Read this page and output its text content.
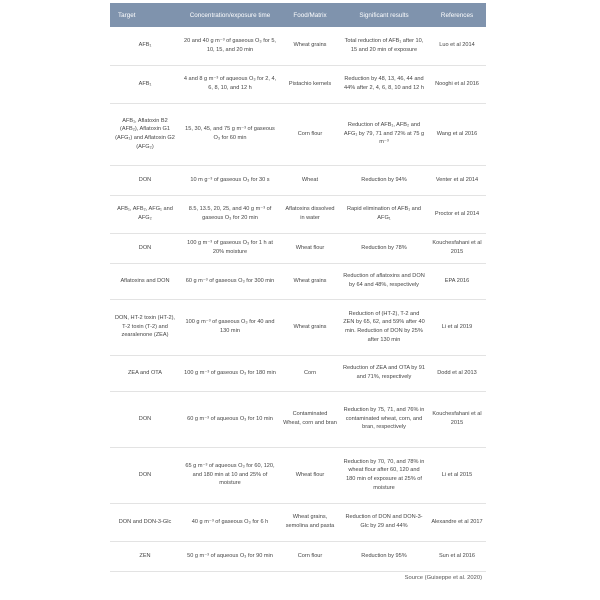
Target	Concentration/exposure time	Food/Matrix	Significant results	References
AFB₁	20 and 40 g m⁻³ of gaseous O₃ for 5, 10, 15, and 20 min	Wheat grains	Total reduction of AFB₁ after 10, 15 and 20 min of exposure	Luo et al 2014
AFB₁	4 and 8 g m⁻³ of aqueous O₃ for 2, 4, 6, 8, 10, and 12 h	Pistachio kernels	Reduction by 48, 13, 46, 44 and 44% after 2, 4, 6, 8, 10 and 12 h	Nooghi et al 2016
AFB₁, Aflatoxin B2 (AFB₂), Aflatoxin G1 (AFG₁) and Aflatoxin G2 (AFG₂)	15, 30, 45, and 75 g m⁻³ of gaseous O₃ for 60 min	Corn flour	Reduction of AFB₁, AFB₂ and AFG₁ by 79, 71 and 72% at 75 g m⁻³	Wang et al 2016
DON	10 m g⁻³ of gaseous O₃ for 30 s	Wheat	Reduction by 94%	Venter et al 2014
AFB₁, AFB₂, AFG₁ and AFG₂	8.5, 13.5, 20, 25, and 40 g m⁻³ of gaseous O₃ for 20 min	Aflatoxins dissolved in water	Rapid elimination of AFB₁ and AFG₁	Proctor et al 2014
DON	100 g m⁻³ of gaseous O₃ for 1 h at 20% moisture	Wheat flour	Reduction by 78%	Kouchesfahani et al 2015
Aflatoxins and DON	60 g m⁻³ of gaseous O₃ for 300 min	Wheat grains	Reduction of aflatoxins and DON by 64 and 48%, respectively	EPA 2016
DON, HT-2 toxin (HT-2), T-2 toxin (T-2) and zearalenone (ZEA)	100 g m⁻³ of gaseous O₃ for 40 and 130 min	Wheat grains	Reduction of (HT-2), T-2 and ZEN by 65, 62, and 59% after 40 min. Reduction of DON by 25% after 130 min	Li et al 2019
ZEA and OTA	100 g m⁻³ of gaseous O₃ for 180 min	Corn	Reduction of ZEA and OTA by 91 and 71%, respectively	Dodd et al 2013
DON	60 g m⁻³ of aqueous O₃ for 10 min	Contaminated Wheat, corn and bran	Reduction by 75, 71, and 76% in contaminated wheat, corn, and bran, respectively	Kouchesfahani et al 2015
DON	65 g m⁻³ of aqueous O₃ for 60, 120, and 180 min at 10 and 25% of moisture	Wheat flour	Reduction by 70, 70, and 78% in wheat flour after 60, 120 and 180 min of exposure at 25% of moisture	Li et al 2015
DON and DON-3-Glc	40 g m⁻³ of gaseous O₃ for 6 h	Wheat grains, semolina and pasta	Reduction of DON and DON-3-Glc by 29 and 44%	Alexandre et al 2017
ZEN	50 g m⁻³ of aqueous O₃ for 90 min	Corn flour	Reduction by 95%	Sun et al 2016
Source (Guiseppe et al. 2020)
